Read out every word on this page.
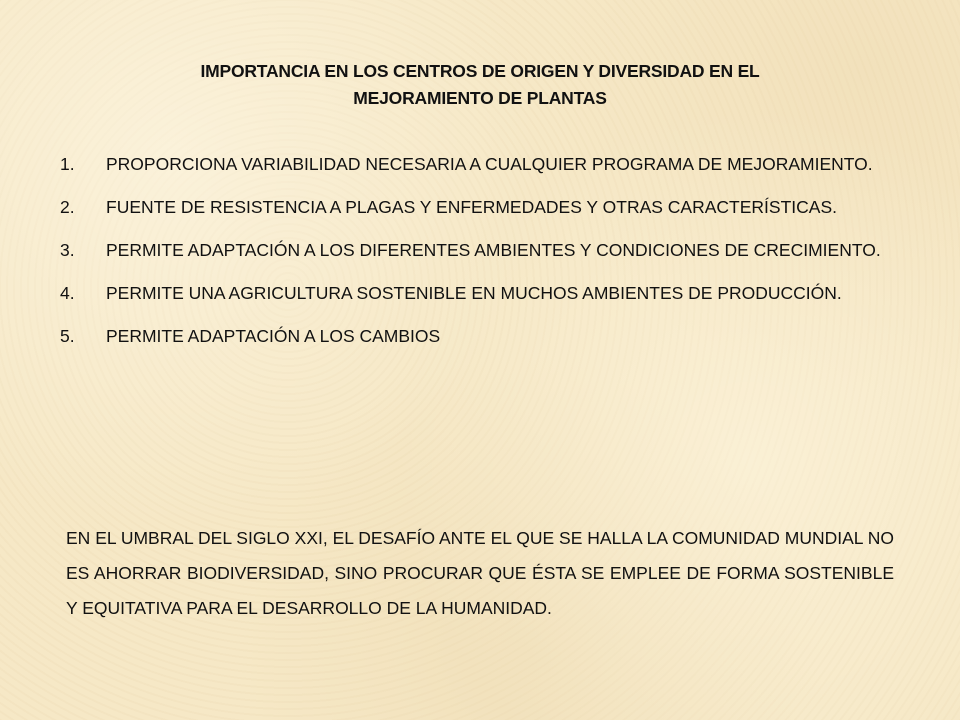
IMPORTANCIA EN LOS CENTROS DE ORIGEN Y DIVERSIDAD EN EL MEJORAMIENTO DE PLANTAS
1. PROPORCIONA VARIABILIDAD NECESARIA A CUALQUIER PROGRAMA DE MEJORAMIENTO.
2. FUENTE DE RESISTENCIA A PLAGAS Y ENFERMEDADES Y OTRAS CARACTERÍSTICAS.
3. PERMITE ADAPTACIÓN A LOS DIFERENTES AMBIENTES Y CONDICIONES DE CRECIMIENTO.
4. PERMITE UNA AGRICULTURA SOSTENIBLE EN MUCHOS AMBIENTES DE PRODUCCIÓN.
5. PERMITE ADAPTACIÓN A LOS CAMBIOS
EN EL UMBRAL DEL SIGLO XXI, EL DESAFÍO ANTE EL QUE SE HALLA LA COMUNIDAD MUNDIAL NO ES AHORRAR BIODIVERSIDAD, SINO PROCURAR QUE ÉSTA SE EMPLEE DE FORMA SOSTENIBLE Y EQUITATIVA PARA EL DESARROLLO DE LA HUMANIDAD.
